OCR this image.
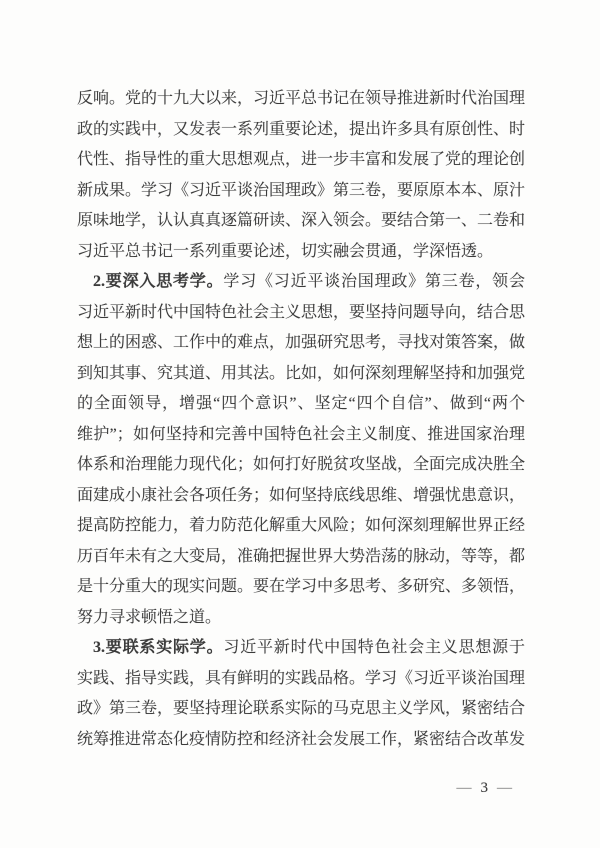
反响。党的十九大以来，习近平总书记在领导推进新时代治国理
政的实践中，又发表一系列重要论述，提出许多具有原创性、时
代性、指导性的重大思想观点，进一步丰富和发展了党的理论创
新成果。学习《习近平谈治国理政》第三卷，要原原本本、原汁
原味地学，认认真真逐篇研读、深入领会。要结合第一、二卷和
习近平总书记一系列重要论述，切实融会贯通，学深悟透。
2.要深入思考学。学习《习近平谈治国理政》第三卷，领会
习近平新时代中国特色社会主义思想，要坚持问题导向，结合思
想上的困惑、工作中的难点，加强研究思考，寻找对策答案，做
到知其事、究其道、用其法。比如，如何深刻理解坚持和加强党
的全面领导，增强“四个意识”、坚定“四个自信”、做到“两个
维护”；如何坚持和完善中国特色社会主义制度、推进国家治理
体系和治理能力现代化；如何打好脱贫攻坚战，全面完成决胜全
面建成小康社会各项任务；如何坚持底线思维、增强忧患意识，
提高防控能力，着力防范化解重大风险；如何深刻理解世界正经
历百年未有之大变局，准确把握世界大势浩荡的脉动，等等，都
是十分重大的现实问题。要在学习中多思考、多研究、多领悟，
努力寻求顿悟之道。
3.要联系实际学。习近平新时代中国特色社会主义思想源于
实践、指导实践，具有鲜明的实践品格。学习《习近平谈治国理
政》第三卷，要坚持理论联系实际的马克思主义学风，紧密结合
统筹推进常态化疫情防控和经济社会发展工作，紧密结合改革发
— 3 —
